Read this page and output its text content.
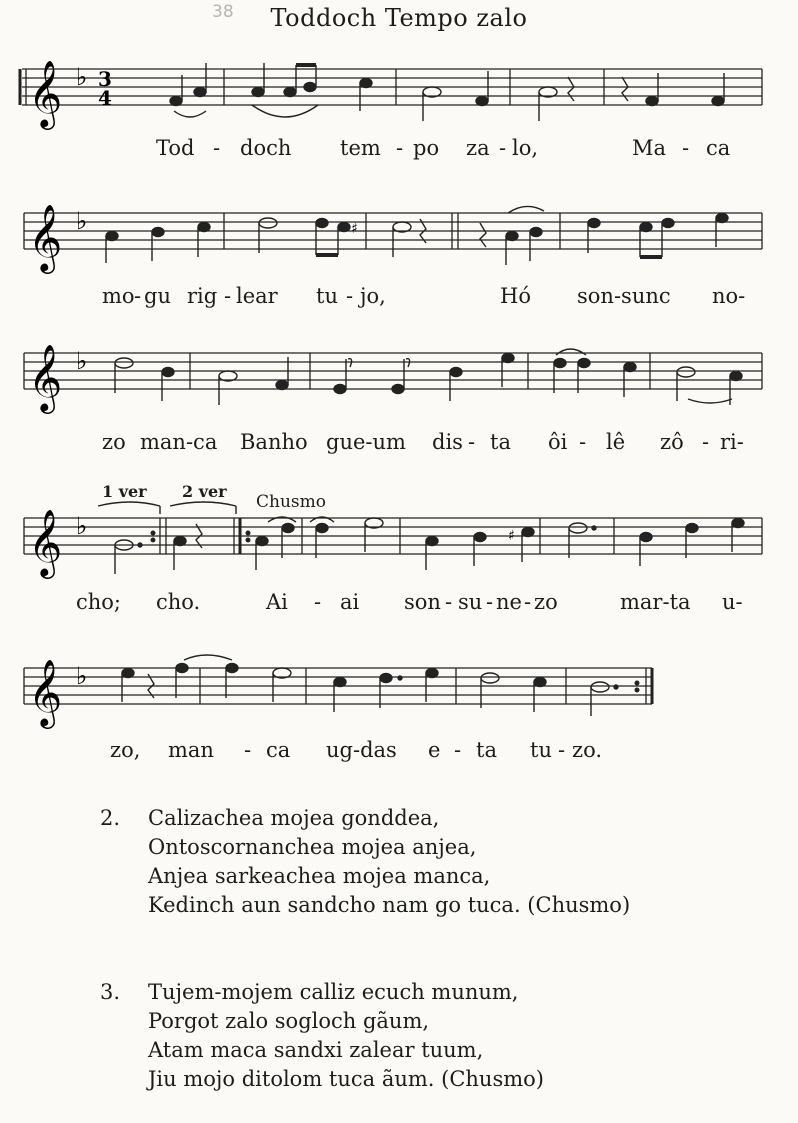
38	Toddoch Tempo zalo
𝄞 ♭ 3
4
Tod - doch tem - po za - lo,	Ma - ca
𝄞 ♭	♯
mo - gu rig - lear tu - jo,	Hó son-sunc no-
𝄞 ♭
zo man-ca Banho gue-um dis - ta ôi - lê zô - ri-
1 ver 2 ver
Chusmo
𝄞 ♭	♯
cho; cho.	Ai - ai son - su - ne - zo	mar-ta u-
𝄞 ♭
zo, man - ca ug-das e - ta tu - zo.
2.	Calizachea mojea gonddea,
Ontoscornanchea mojea anjea,
Anjea sarkeachea mojea manca,
Kedinch aun sandcho nam go tuca. (Chusmo)
3.	Tujem-mojem calliz ecuch munum,
Porgot zalo sogloch gãum,
Atam maca sandxi zalear tuum,
Jiu mojo ditolom tuca ãum. (Chusmo)
